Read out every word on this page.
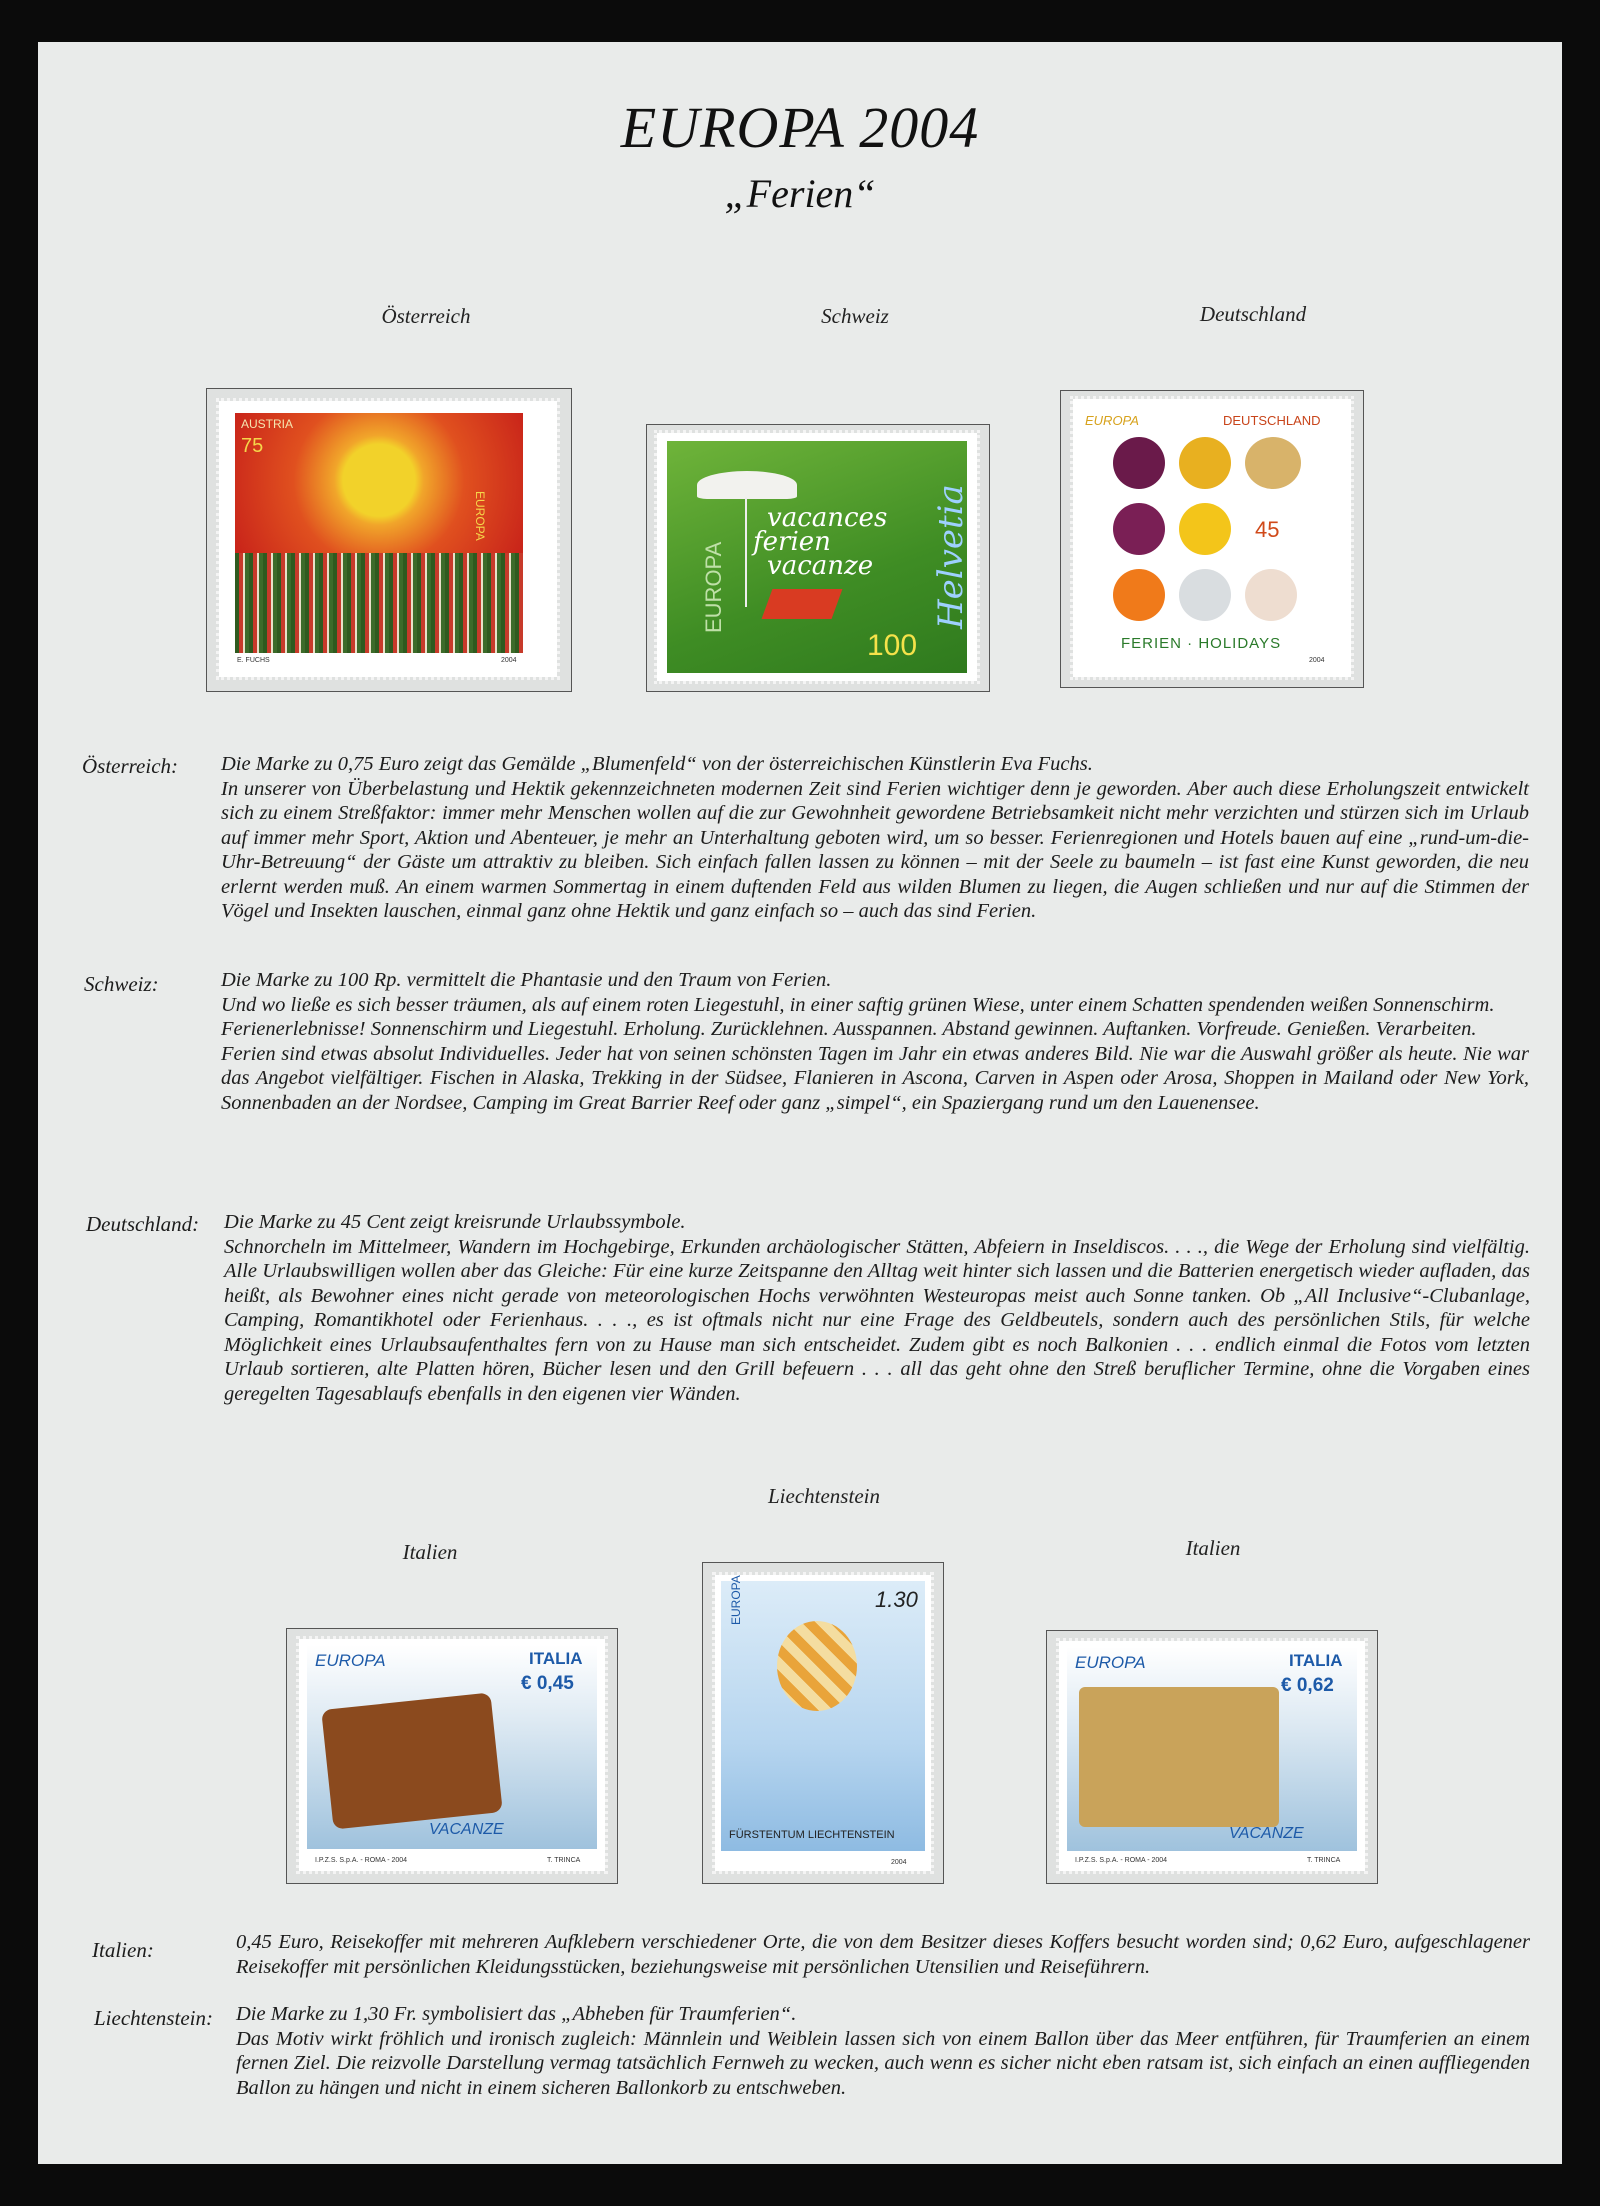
EUROPA 2004
„Ferien“
Österreich	Schweiz	Deutschland
AUSTRIA
75
EUROPA
E. FUCHS	2004
vacances
ferien
vacanze
EUROPA	Helvetia
100
EUROPA	DEUTSCHLAND
45
FERIEN · HOLIDAYS
2004
Österreich: Die Marke zu 0,75 Euro zeigt das Gemälde „Blumenfeld“ von der österreichischen Künstlerin Eva Fuchs.

In unserer von Überbelastung und Hektik gekennzeichneten modernen Zeit sind Ferien wichtiger denn je geworden. Aber auch diese Erholungszeit entwickelt sich zu einem Streßfaktor: immer mehr Menschen wollen auf die zur Gewohnheit gewordene Betriebsamkeit nicht mehr verzichten und stürzen sich im Urlaub auf immer mehr Sport, Aktion und Abenteuer, je mehr an Unterhaltung geboten wird, um so besser. Ferienregionen und Hotels bauen auf eine „rund-um-die-Uhr-Betreuung“ der Gäste um attraktiv zu bleiben. Sich einfach fallen lassen zu können – mit der Seele zu baumeln – ist fast eine Kunst geworden, die neu erlernt werden muß. An einem warmen Sommertag in einem duftenden Feld aus wilden Blumen zu liegen, die Augen schließen und nur auf die Stimmen der Vögel und Insekten lauschen, einmal ganz ohne Hektik und ganz einfach so – auch das sind Ferien.

Schweiz:	Die Marke zu 100 Rp. vermittelt die Phantasie und den Traum von Ferien.

Und wo ließe es sich besser träumen, als auf einem roten Liegestuhl, in einer saftig grünen Wiese, unter einem Schatten spendenden weißen Sonnenschirm.

Ferienerlebnisse! Sonnenschirm und Liegestuhl. Erholung. Zurücklehnen. Ausspannen. Abstand gewinnen. Auftanken. Vorfreude. Genießen. Verarbeiten.

Ferien sind etwas absolut Individuelles. Jeder hat von seinen schönsten Tagen im Jahr ein etwas anderes Bild. Nie war die Auswahl größer als heute. Nie war das Angebot vielfältiger. Fischen in Alaska, Trekking in der Südsee, Flanieren in Ascona, Carven in Aspen oder Arosa, Shoppen in Mailand oder New York, Sonnenbaden an der Nordsee, Camping im Great Barrier Reef oder ganz „simpel“, ein Spaziergang rund um den Lauenensee.

Deutschland: Die Marke zu 45 Cent zeigt kreisrunde Urlaubssymbole.

Schnorcheln im Mittelmeer, Wandern im Hochgebirge, Erkunden archäologischer Stätten, Abfeiern in Inseldiscos. . . ., die Wege der Erholung sind vielfältig. Alle Urlaubswilligen wollen aber das Gleiche: Für eine kurze Zeitspanne den Alltag weit hinter sich lassen und die Batterien energetisch wieder aufladen, das heißt, als Bewohner eines nicht gerade von meteorologischen Hochs verwöhnten Westeuropas meist auch Sonne tanken. Ob „All Inclusive“-Clubanlage, Camping, Romantikhotel oder Ferienhaus. . . ., es ist oftmals nicht nur eine Frage des Geldbeutels, sondern auch des persönlichen Stils, für welche Möglichkeit eines Urlaubsaufenthaltes fern von zu Hause man sich entscheidet. Zudem gibt es noch Balkonien . . . endlich einmal die Fotos vom letzten Urlaub sortieren, alte Platten hören, Bücher lesen und den Grill befeuern . . . all das geht ohne den Streß beruflicher Termine, ohne die Vorgaben eines geregelten Tagesablaufs ebenfalls in den eigenen vier Wänden.

Liechtenstein
Italien	Italien
EUROPA	ITALIA
€ 0,45
VACANZE
I.P.Z.S. S.p.A. - ROMA - 2004	T. TRINCA
EUROPA	1.30
FÜRSTENTUM LIECHTENSTEIN
2004
EUROPA	ITALIA
€ 0,62
VACANZE
I.P.Z.S. S.p.A. - ROMA - 2004	T. TRINCA
Italien:	0,45 Euro, Reisekoffer mit mehreren Aufklebern verschiedener Orte, die von dem Besitzer dieses Koffers besucht worden sind; 0,62 Euro, aufgeschlagener Reisekoffer mit persönlichen Kleidungsstücken, beziehungsweise mit persönlichen Utensilien und Reiseführern.

Liechtenstein: Die Marke zu 1,30 Fr. symbolisiert das „Abheben für Traumferien“.

Das Motiv wirkt fröhlich und ironisch zugleich: Männlein und Weiblein lassen sich von einem Ballon über das Meer entführen, für Traumferien an einem fernen Ziel. Die reizvolle Darstellung vermag tatsächlich Fernweh zu wecken, auch wenn es sicher nicht eben ratsam ist, sich einfach an einen auffliegenden Ballon zu hängen und nicht in einem sicheren Ballonkorb zu entschweben.
